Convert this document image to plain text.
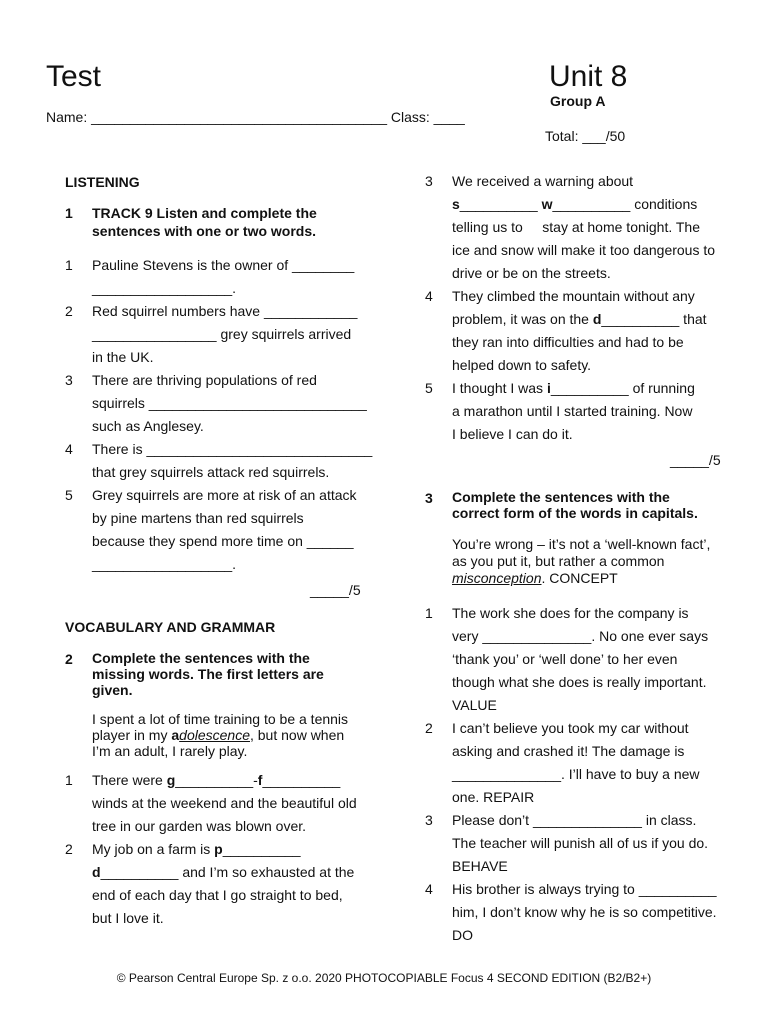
Test	Unit 8
Group A
Name: ______________________________________ Class: ____
Total: ___/50
LISTENING
1 TRACK 9 Listen and complete the
sentences with one or two words.
1	Pauline Stevens is the owner of ________
__________________.
2	Red squirrel numbers have ____________
________________ grey squirrels arrived
in the UK.
3	There are thriving populations of red
squirrels ____________________________
such as Anglesey.
4	There is _____________________________
that grey squirrels attack red squirrels.
5	Grey squirrels are more at risk of an attack
by pine martens than red squirrels
because they spend more time on ______
__________________.
_____/5
VOCABULARY AND GRAMMAR
2 Complete the sentences with the
missing words. The first letters are
given.
I spent a lot of time training to be a tennis
player in my adolescence, but now when
I’m an adult, I rarely play.
1	There were g__________-f__________
winds at the weekend and the beautiful old
tree in our garden was blown over.
2	My job on a farm is p__________
d__________ and I’m so exhausted at the
end of each day that I go straight to bed,
but I love it.
3	We received a warning about
s__________ w__________ conditions
telling us to     stay at home tonight. The
ice and snow will make it too dangerous to
drive or be on the streets.
4	They climbed the mountain without any
problem, it was on the d__________ that
they ran into difficulties and had to be
helped down to safety.
5	I thought I was i__________ of running
a marathon until I started training. Now
I believe I can do it.
_____/5
3 Complete the sentences with the
correct form of the words in capitals.
You’re wrong – it’s not a ‘well-known fact’,
as you put it, but rather a common
misconception. CONCEPT
1	The work she does for the company is
very ______________. No one ever says
‘thank you’ or ‘well done’ to her even
though what she does is really important.
VALUE
2	I can’t believe you took my car without
asking and crashed it! The damage is
______________. I’ll have to buy a new
one. REPAIR
3	Please don’t ______________ in class.
The teacher will punish all of us if you do.
BEHAVE
4	His brother is always trying to __________
him, I don’t know why he is so competitive.
DO
© Pearson Central Europe Sp. z o.o. 2020 PHOTOCOPIABLE Focus 4 SECOND EDITION (B2/B2+)
